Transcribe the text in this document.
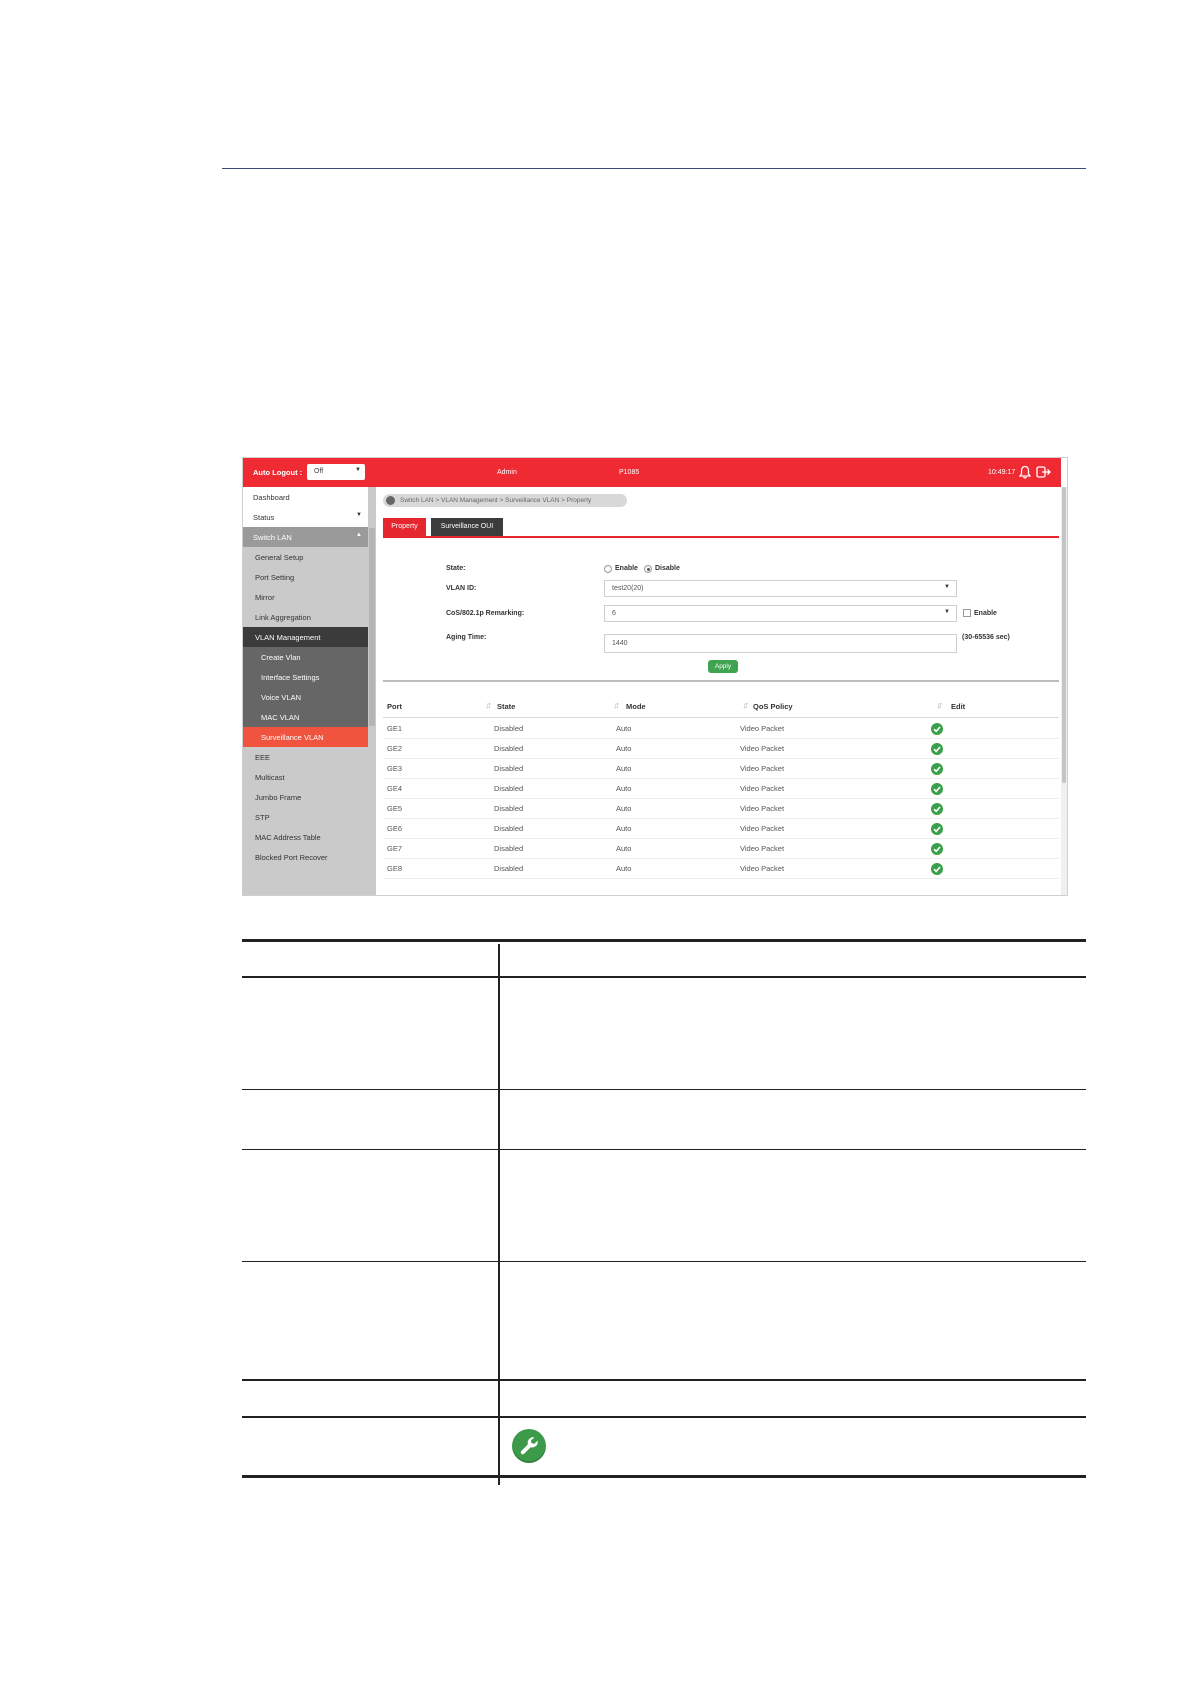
Auto Logout : Off	▼	Admin	P1085	10:49:17
Dashboard
Status	▼
Switch LAN	▲
General Setup
Port Setting
Mirror
Link Aggregation
VLAN Management
Create Vlan
Interface Settings
Voice VLAN
MAC VLAN
Surveillance VLAN
EEE
Multicast
Jumbo Frame
STP
MAC Address Table
Blocked Port Recover
Switch LAN > VLAN Management > Surveillance VLAN > Property
Property	Surveillance OUI
State:	Enable Disable
VLAN ID:	test20(20)	▼
CoS/802.1p Remarking:	6	▼	Enable
Aging Time:
1440
(30-65536 sec)
Apply
Port	⇵ State	⇵ Mode	⇵ QoS Policy	⇵ Edit
GE1	Disabled	Auto	Video Packet
GE2	Disabled	Auto	Video Packet
GE3	Disabled	Auto	Video Packet
GE4	Disabled	Auto	Video Packet
GE5	Disabled	Auto	Video Packet
GE6	Disabled	Auto	Video Packet
GE7	Disabled	Auto	Video Packet
GE8	Disabled	Auto	Video Packet
